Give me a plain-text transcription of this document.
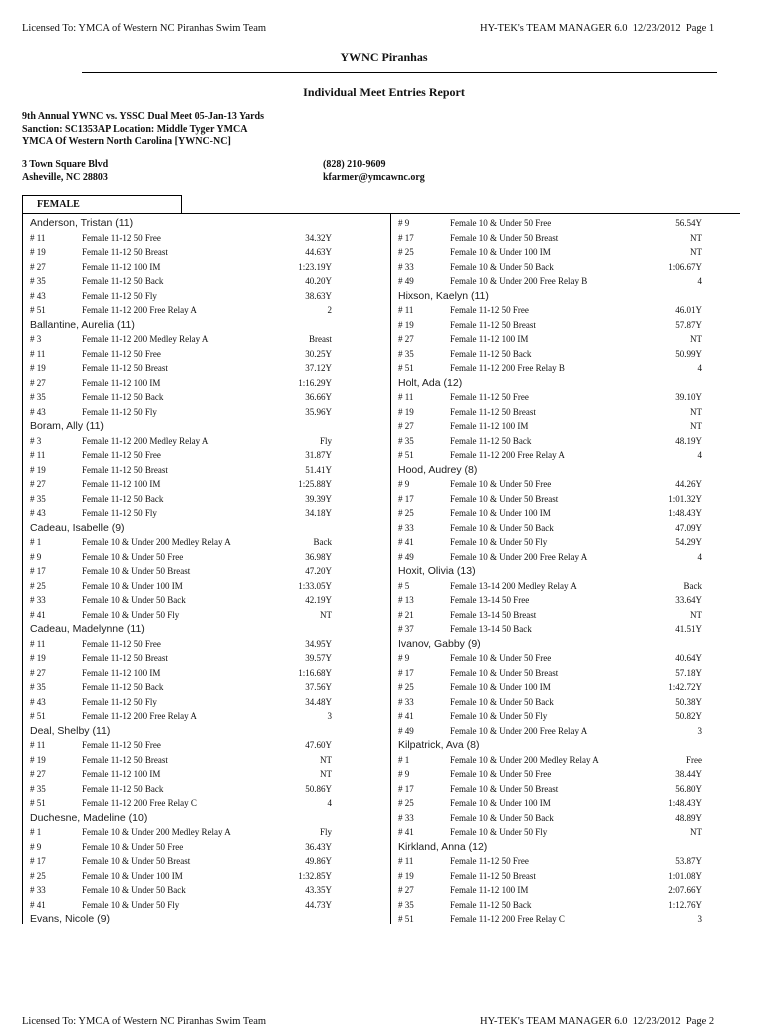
Licensed To: YMCA of Western NC Piranhas Swim Team	HY-TEK's TEAM MANAGER 6.0 12/23/2012 Page 1
YWNC Piranhas
Individual Meet Entries Report
9th Annual YWNC vs. YSSC Dual Meet 05-Jan-13 Yards
Sanction: SC1353AP Location: Middle Tyger YMCA
YMCA Of Western North Carolina [YWNC-NC]
3 Town Square Blvd
Asheville, NC 28803
(828) 210-9609
kfarmer@ymcawnc.org
FEMALE
Anderson, Tristan (11)
# 11	Female 11-12 50 Free	34.32Y
# 19	Female 11-12 50 Breast	44.63Y
# 27	Female 11-12 100 IM	1:23.19Y
# 35	Female 11-12 50 Back	40.20Y
# 43	Female 11-12 50 Fly	38.63Y
# 51	Female 11-12 200 Free Relay A	2
Ballantine, Aurelia (11)
# 3	Female 11-12 200 Medley Relay A	Breast
# 11	Female 11-12 50 Free	30.25Y
# 19	Female 11-12 50 Breast	37.12Y
# 27	Female 11-12 100 IM	1:16.29Y
# 35	Female 11-12 50 Back	36.66Y
# 43	Female 11-12 50 Fly	35.96Y
Boram, Ally (11)
# 3	Female 11-12 200 Medley Relay A	Fly
# 11	Female 11-12 50 Free	31.87Y
# 19	Female 11-12 50 Breast	51.41Y
# 27	Female 11-12 100 IM	1:25.88Y
# 35	Female 11-12 50 Back	39.39Y
# 43	Female 11-12 50 Fly	34.18Y
Cadeau, Isabelle (9)
# 1	Female 10 & Under 200 Medley Relay A	Back
# 9	Female 10 & Under 50 Free	36.98Y
# 17	Female 10 & Under 50 Breast	47.20Y
# 25	Female 10 & Under 100 IM	1:33.05Y
# 33	Female 10 & Under 50 Back	42.19Y
# 41	Female 10 & Under 50 Fly	NT
Cadeau, Madelynne (11)
# 11	Female 11-12 50 Free	34.95Y
# 19	Female 11-12 50 Breast	39.57Y
# 27	Female 11-12 100 IM	1:16.68Y
# 35	Female 11-12 50 Back	37.56Y
# 43	Female 11-12 50 Fly	34.48Y
# 51	Female 11-12 200 Free Relay A	3
Deal, Shelby (11)
# 11	Female 11-12 50 Free	47.60Y
# 19	Female 11-12 50 Breast	NT
# 27	Female 11-12 100 IM	NT
# 35	Female 11-12 50 Back	50.86Y
# 51	Female 11-12 200 Free Relay C	4
Duchesne, Madeline (10)
# 1	Female 10 & Under 200 Medley Relay A	Fly
# 9	Female 10 & Under 50 Free	36.43Y
# 17	Female 10 & Under 50 Breast	49.86Y
# 25	Female 10 & Under 100 IM	1:32.85Y
# 33	Female 10 & Under 50 Back	43.35Y
# 41	Female 10 & Under 50 Fly	44.73Y
Evans, Nicole (9)
# 9	Female 10 & Under 50 Free	56.54Y
# 17	Female 10 & Under 50 Breast	NT
# 25	Female 10 & Under 100 IM	NT
# 33	Female 10 & Under 50 Back	1:06.67Y
# 49	Female 10 & Under 200 Free Relay B	4
Hixson, Kaelyn (11)
# 11	Female 11-12 50 Free	46.01Y
# 19	Female 11-12 50 Breast	57.87Y
# 27	Female 11-12 100 IM	NT
# 35	Female 11-12 50 Back	50.99Y
# 51	Female 11-12 200 Free Relay B	4
Holt, Ada (12)
# 11	Female 11-12 50 Free	39.10Y
# 19	Female 11-12 50 Breast	NT
# 27	Female 11-12 100 IM	NT
# 35	Female 11-12 50 Back	48.19Y
# 51	Female 11-12 200 Free Relay A	4
Hood, Audrey (8)
# 9	Female 10 & Under 50 Free	44.26Y
# 17	Female 10 & Under 50 Breast	1:01.32Y
# 25	Female 10 & Under 100 IM	1:48.43Y
# 33	Female 10 & Under 50 Back	47.09Y
# 41	Female 10 & Under 50 Fly	54.29Y
# 49	Female 10 & Under 200 Free Relay A	4
Hoxit, Olivia (13)
# 5	Female 13-14 200 Medley Relay A	Back
# 13	Female 13-14 50 Free	33.64Y
# 21	Female 13-14 50 Breast	NT
# 37	Female 13-14 50 Back	41.51Y
Ivanov, Gabby (9)
# 9	Female 10 & Under 50 Free	40.64Y
# 17	Female 10 & Under 50 Breast	57.18Y
# 25	Female 10 & Under 100 IM	1:42.72Y
# 33	Female 10 & Under 50 Back	50.38Y
# 41	Female 10 & Under 50 Fly	50.82Y
# 49	Female 10 & Under 200 Free Relay A	3
Kilpatrick, Ava (8)
# 1	Female 10 & Under 200 Medley Relay A	Free
# 9	Female 10 & Under 50 Free	38.44Y
# 17	Female 10 & Under 50 Breast	56.80Y
# 25	Female 10 & Under 100 IM	1:48.43Y
# 33	Female 10 & Under 50 Back	48.89Y
# 41	Female 10 & Under 50 Fly	NT
Kirkland, Anna (12)
# 11	Female 11-12 50 Free	53.87Y
# 19	Female 11-12 50 Breast	1:01.08Y
# 27	Female 11-12 100 IM	2:07.66Y
# 35	Female 11-12 50 Back	1:12.76Y
# 51	Female 11-12 200 Free Relay C	3
Licensed To: YMCA of Western NC Piranhas Swim Team	HY-TEK's TEAM MANAGER 6.0 12/23/2012 Page 2
